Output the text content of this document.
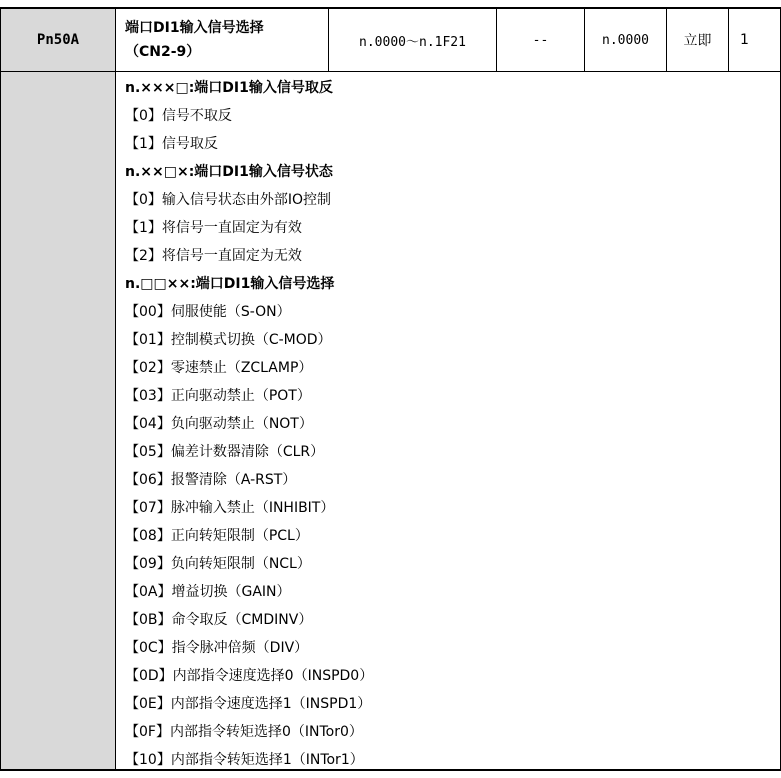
Pn50A
端口DI1输入信号选择（CN2-9）
n.0000～n.1F21	--	n.0000 立即 1
n.×××□:端口DI1输入信号取反
【0】信号不取反
【1】信号取反
n.××□×:端口DI1输入信号状态
【0】输入信号状态由外部IO控制
【1】将信号一直固定为有效
【2】将信号一直固定为无效
n.□□××:端口DI1输入信号选择
【00】伺服使能（S-ON）
【01】控制模式切换（C-MOD）
【02】零速禁止（ZCLAMP）
【03】正向驱动禁止（POT）
【04】负向驱动禁止（NOT）
【05】偏差计数器清除（CLR）
【06】报警清除（A-RST）
【07】脉冲输入禁止（INHIBIT）
【08】正向转矩限制（PCL）
【09】负向转矩限制（NCL）
【0A】增益切换（GAIN）
【0B】命令取反（CMDINV）
【0C】指令脉冲倍频（DIV）
【0D】内部指令速度选择0（INSPD0）
【0E】内部指令速度选择1（INSPD1）
【0F】内部指令转矩选择0（INTor0）
【10】内部指令转矩选择1（INTor1）
